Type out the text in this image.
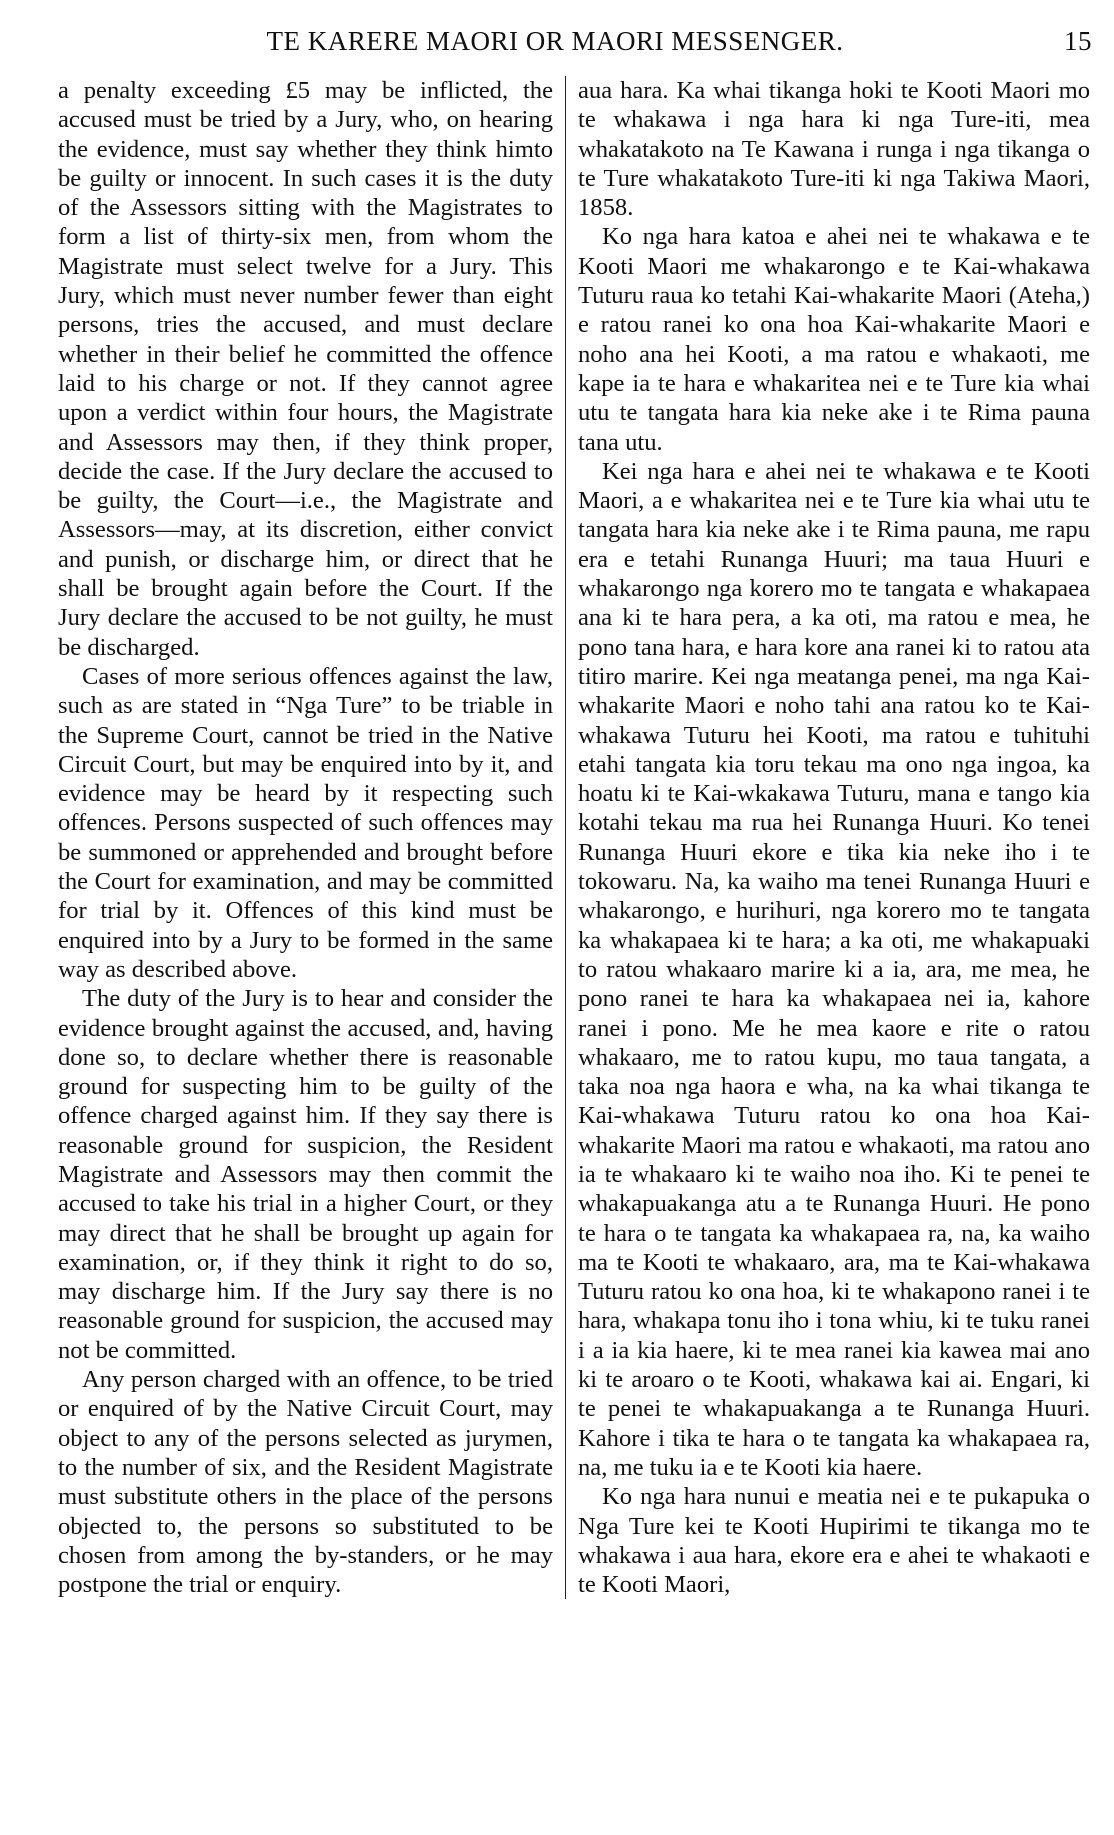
TE KARERE MAORI OR MAORI MESSENGER.	15

a penalty exceeding £5 may be inflicted, the accused must be tried by a Jury, who, on hearing the evidence, must say whether they think himto be guilty or innocent. In such cases it is the duty of the Assessors sitting with the Magistrates to form a list of thirty-six men, from whom the Magistrate must select twelve for a Jury. This Jury, which must never number fewer than eight persons, tries the accused, and must declare whether in their belief he committed the offence laid to his charge or not. If they cannot agree upon a verdict within four hours, the Magistrate and Assessors may then, if they think proper, decide the case. If the Jury declare the accused to be guilty, the Court—i.e., the Magistrate and Assessors—may, at its discretion, either convict and punish, or discharge him, or direct that he shall be brought again before the Court. If the Jury declare the accused to be not guilty, he must be discharged.

Cases of more serious offences against the law, such as are stated in “Nga Ture” to be triable in the Supreme Court, cannot be tried in the Native Circuit Court, but may be enquired into by it, and evidence may be heard by it respecting such offences. Persons suspected of such offences may be summoned or apprehended and brought before the Court for examination, and may be committed for trial by it. Offences of this kind must be enquired into by a Jury to be formed in the same way as described above.

The duty of the Jury is to hear and consider the evidence brought against the accused, and, having done so, to declare whether there is reasonable ground for suspecting him to be guilty of the offence charged against him. If they say there is reasonable ground for suspicion, the Resident Magistrate and Assessors may then commit the accused to take his trial in a higher Court, or they may direct that he shall be brought up again for examination, or, if they think it right to do so, may discharge him. If the Jury say there is no reasonable ground for suspicion, the accused may not be committed.

Any person charged with an offence, to be tried or enquired of by the Native Circuit Court, may object to any of the persons selected as jurymen, to the number of six, and the Resident Magistrate must substitute others in the place of the persons objected to, the persons so substituted to be chosen from among the by-standers, or he may postpone the trial or enquiry.

aua hara. Ka whai tikanga hoki te Kooti Maori mo te whakawa i nga hara ki nga Ture-iti, mea whakatakoto na Te Kawana i runga i nga tikanga o te Ture whakatakoto Ture-iti ki nga Takiwa Maori, 1858.

Ko nga hara katoa e ahei nei te whakawa e te Kooti Maori me whakarongo e te Kai-whakawa Tuturu raua ko tetahi Kai-whakarite Maori (Ateha,) e ratou ranei ko ona hoa Kai-whakarite Maori e noho ana hei Kooti, a ma ratou e whakaoti, me kape ia te hara e whakaritea nei e te Ture kia whai utu te tangata hara kia neke ake i te Rima pauna tana utu.

Kei nga hara e ahei nei te whakawa e te Kooti Maori, a e whakaritea nei e te Ture kia whai utu te tangata hara kia neke ake i te Rima pauna, me rapu era e tetahi Runanga Huuri; ma taua Huuri e whakarongo nga korero mo te tangata e whakapaea ana ki te hara pera, a ka oti, ma ratou e mea, he pono tana hara, e hara kore ana ranei ki to ratou ata titiro marire. Kei nga meatanga penei, ma nga Kai-whakarite Maori e noho tahi ana ratou ko te Kai-whakawa Tuturu hei Kooti, ma ratou e tuhituhi etahi tangata kia toru tekau ma ono nga ingoa, ka hoatu ki te Kai-wkakawa Tuturu, mana e tango kia kotahi tekau ma rua hei Runanga Huuri. Ko tenei Runanga Huuri ekore e tika kia neke iho i te tokowaru. Na, ka waiho ma tenei Runanga Huuri e whakarongo, e hurihuri, nga korero mo te tangata ka whakapaea ki te hara; a ka oti, me whakapuaki to ratou whakaaro marire ki a ia, ara, me mea, he pono ranei te hara ka whakapaea nei ia, kahore ranei i pono. Me he mea kaore e rite o ratou whakaaro, me to ratou kupu, mo taua tangata, a taka noa nga haora e wha, na ka whai tikanga te Kai-whakawa Tuturu ratou ko ona hoa Kai-whakarite Maori ma ratou e whakaoti, ma ratou ano ia te whakaaro ki te waiho noa iho. Ki te penei te whakapuakanga atu a te Runanga Huuri. He pono te hara o te tangata ka whakapaea ra, na, ka waiho ma te Kooti te whakaaro, ara, ma te Kai-whakawa Tuturu ratou ko ona hoa, ki te whakapono ranei i te hara, whakapa tonu iho i tona whiu, ki te tuku ranei i a ia kia haere, ki te mea ranei kia kawea mai ano ki te aroaro o te Kooti, whakawa kai ai. Engari, ki te penei te whakapuakanga a te Runanga Huuri. Kahore i tika te hara o te tangata ka whakapaea ra, na, me tuku ia e te Kooti kia haere.

Ko nga hara nunui e meatia nei e te pukapuka o Nga Ture kei te Kooti Hupirimi te tikanga mo te whakawa i aua hara, ekore era e ahei te whakaoti e te Kooti Maori,
